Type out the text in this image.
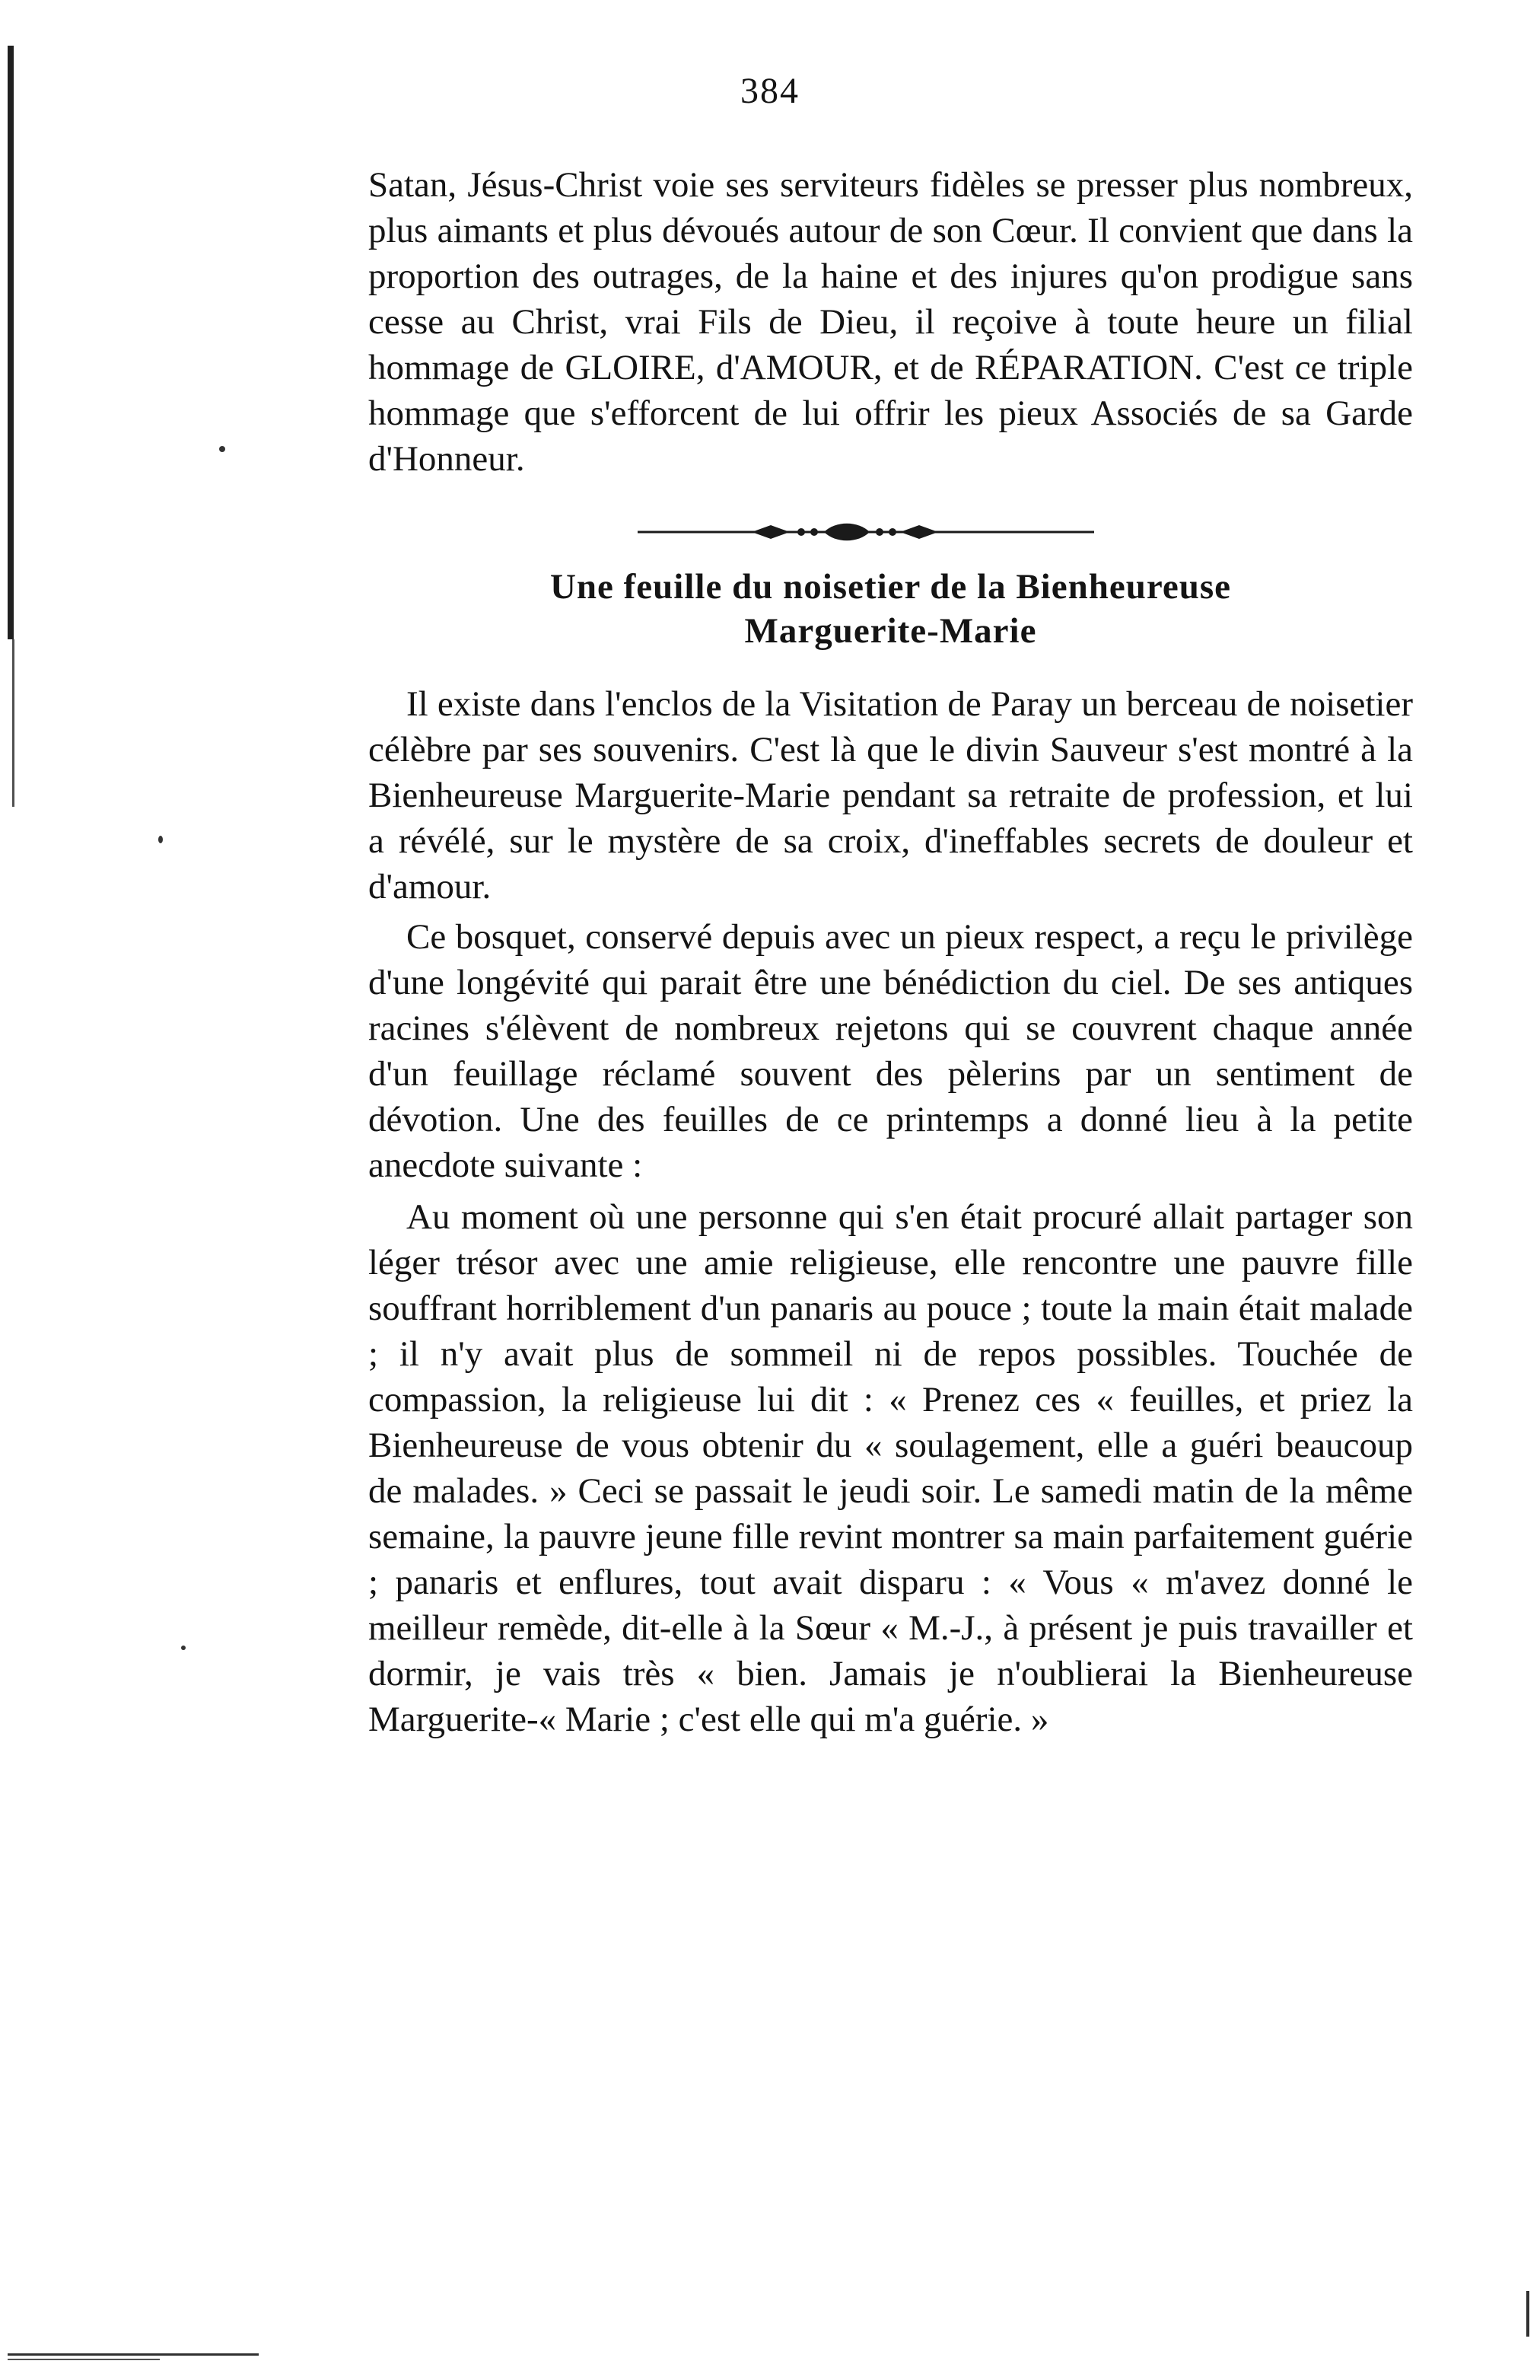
384

Satan, Jésus-Christ voie ses serviteurs fidèles se presser plus nombreux, plus aimants et plus dévoués autour de son Cœur. Il convient que dans la proportion des outrages, de la haine et des injures qu'on prodigue sans cesse au Christ, vrai Fils de Dieu, il reçoive à toute heure un filial hommage de GLOIRE, d'AMOUR, et de RÉPARATION. C'est ce triple hommage que s'efforcent de lui offrir les pieux Associés de sa Garde d'Honneur.

Une feuille du noisetier de la Bienheureuse
Marguerite-Marie

Il existe dans l'enclos de la Visitation de Paray un berceau de noisetier célèbre par ses souvenirs. C'est là que le divin Sauveur s'est montré à la Bienheureuse Marguerite-Marie pendant sa retraite de profession, et lui a révélé, sur le mystère de sa croix, d'ineffables secrets de douleur et d'amour.

Ce bosquet, conservé depuis avec un pieux respect, a reçu le privilège d'une longévité qui parait être une bénédiction du ciel. De ses antiques racines s'élèvent de nombreux rejetons qui se couvrent chaque année d'un feuillage réclamé souvent des pèlerins par un sentiment de dévotion. Une des feuilles de ce printemps a donné lieu à la petite anecdote suivante :

Au moment où une personne qui s'en était procuré allait partager son léger trésor avec une amie religieuse, elle rencontre une pauvre fille souffrant horriblement d'un panaris au pouce ; toute la main était malade ; il n'y avait plus de sommeil ni de repos possibles. Touchée de compassion, la religieuse lui dit : « Prenez ces « feuilles, et priez la Bienheureuse de vous obtenir du « soulagement, elle a guéri beaucoup de malades. » Ceci se passait le jeudi soir. Le samedi matin de la même semaine, la pauvre jeune fille revint montrer sa main parfaitement guérie ; panaris et enflures, tout avait disparu : « Vous « m'avez donné le meilleur remède, dit-elle à la Sœur « M.-J., à présent je puis travailler et dormir, je vais très « bien. Jamais je n'oublierai la Bienheureuse Marguerite-« Marie ; c'est elle qui m'a guérie. »
